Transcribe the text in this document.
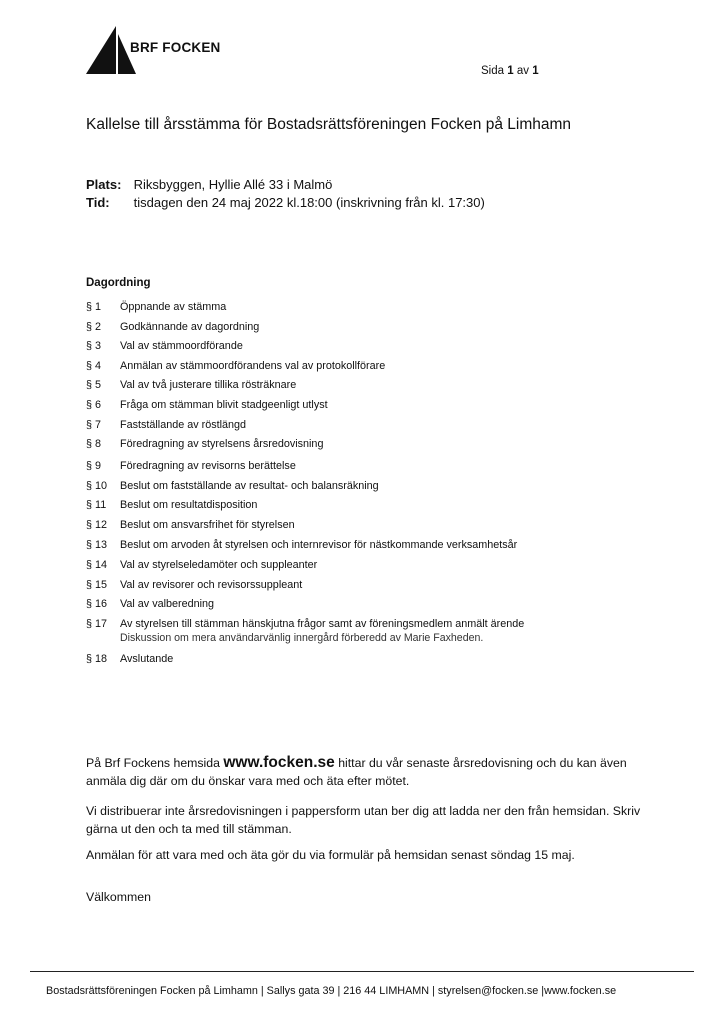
BRF FOCKEN
Sida 1 av 1
Kallelse till årsstämma för Bostadsrättsföreningen Focken på Limhamn
Plats: Riksbyggen, Hyllie Allé 33 i Malmö
Tid: tisdagen den 24 maj 2022 kl.18:00 (inskrivning från kl. 17:30)
Dagordning
§ 1 Öppnande av stämma
§ 2 Godkännande av dagordning
§ 3 Val av stämmoordförande
§ 4 Anmälan av stämmoordförandens val av protokollförare
§ 5 Val av två justerare tillika rösträknare
§ 6 Fråga om stämman blivit stadgeenligt utlyst
§ 7 Fastställande av röstlängd
§ 8 Föredragning av styrelsens årsredovisning
§ 9 Föredragning av revisorns berättelse
§ 10 Beslut om fastställande av resultat- och balansräkning
§ 11 Beslut om resultatdisposition
§ 12 Beslut om ansvarsfrihet för styrelsen
§ 13 Beslut om arvoden åt styrelsen och internrevisor för nästkommande verksamhetsår
§ 14 Val av styrelseledamöter och suppleanter
§ 15 Val av revisorer och revisorssuppleant
§ 16 Val av valberedning
§ 17 Av styrelsen till stämman hänskjutna frågor samt av föreningsmedlem anmält ärende
Diskussion om mera användarvänlig innergård förberedd av Marie Faxheden.
§ 18 Avslutande
På Brf Fockens hemsida www.focken.se hittar du vår senaste årsredovisning och du kan även anmäla dig där om du önskar vara med och äta efter mötet.
Vi distribuerar inte årsredovisningen i pappersform utan ber dig att ladda ner den från hemsidan. Skriv gärna ut den och ta med till stämman.
Anmälan för att vara med och äta gör du via formulär på hemsidan senast söndag 15 maj.
Välkommen
Bostadsrättsföreningen Focken på Limhamn | Sallys gata 39 | 216 44 LIMHAMN | styrelsen@focken.se |www.focken.se
